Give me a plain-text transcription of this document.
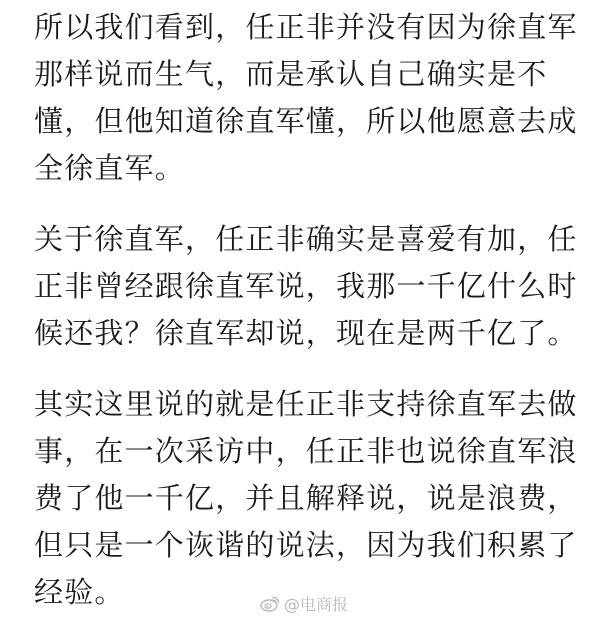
所以我们看到，任正非并没有因为徐直军
那样说而生气，而是承认自己确实是不
懂，但他知道徐直军懂，所以他愿意去成
全徐直军。

关于徐直军，任正非确实是喜爱有加，任
正非曾经跟徐直军说，我那一千亿什么时
候还我？徐直军却说，现在是两千亿了。

其实这里说的就是任正非支持徐直军去做
事，在一次采访中，任正非也说徐直军浪
费了他一千亿，并且解释说，说是浪费，
但只是一个诙谐的说法，因为我们积累了
经验。	@电商报
